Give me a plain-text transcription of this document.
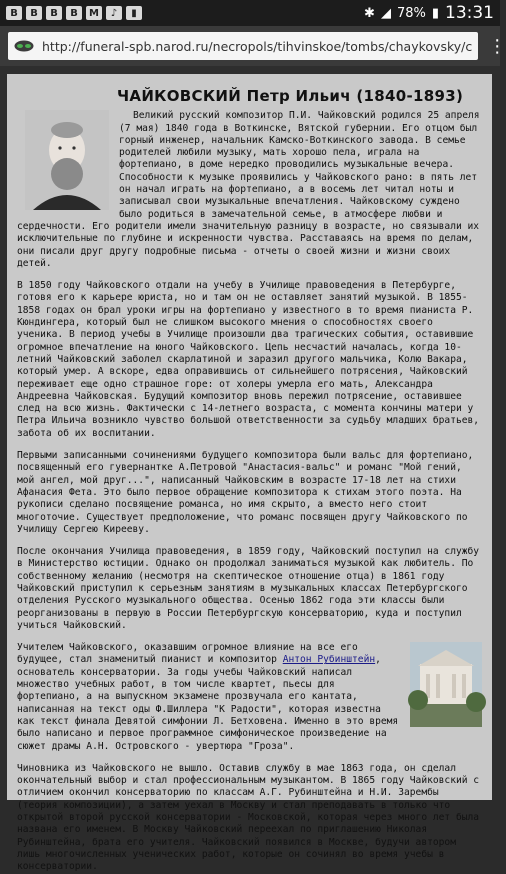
B	В	В	В	M	♪	▮	✱ ◢ 78% ▮ 13:31
http://funeral-spb.narod.ru/necropols/tihvinskoe/tombs/chaykovsky/c ⋮
ЧАЙКОВСКИЙ Петр Ильич (1840-1893)

Великий русский композитор П.И. Чайковский родился 25 апреля (7 мая) 1840 года в Воткинске, Вятской губернии. Его отцом был горный инженер, начальник Камско-Воткинского завода. В семье родителей любили музыку, мать хорошо пела, играла на фортепиано, в доме нередко проводились музыкальные вечера. Способности к музыке проявились у Чайковского рано: в пять лет он начал играть на фортепиано, а в восемь лет читал ноты и записывал свои музыкальные впечатления. Чайковскому суждено было родиться в замечательной семье, в атмосфере любви и сердечности. Его родители имели значительную разницу в возрасте, но связывали их исключительные по глубине и искренности чувства. Расставаясь на время по делам, они писали друг другу подробные письма - отчеты о своей жизни и жизни своих детей.

В 1850 году Чайковского отдали на учебу в Училище правоведения в Петербурге, готовя его к карьере юриста, но и там он не оставляет занятий музыкой. В 1855-1858 годах он брал уроки игры на фортепиано у известного в то время пианиста Р. Кюндингера, который был не слишком высокого мнения о способностях своего ученика. В период учебы в Училище произошли два трагических события, оставившие огромное впечатление на юного Чайковского. Цепь несчастий началась, когда 10-летний Чайковский заболел скарлатиной и заразил другого мальчика, Колю Вакара, который умер. А вскоре, едва оправившись от сильнейшего потрясения, Чайковский переживает еще одно страшное горе: от холеры умерла его мать, Александра Андреевна Чайковская. Будущий композитор вновь пережил потрясение, оставившее след на всю жизнь. Фактически с 14-летнего возраста, с момента кончины матери у Петра Ильича возникло чувство большой ответственности за судьбу младших братьев, забота об их воспитании.

Первыми записанными сочинениями будущего композитора были вальс для фортепиано, посвященный его гувернантке А.Петровой "Анастасия-вальс" и романс "Мой гений, мой ангел, мой друг...", написанный Чайковским в возрасте 17-18 лет на стихи Афанасия Фета. Это было первое обращение композитора к стихам этого поэта. На рукописи сделано посвящение романса, но имя скрыто, а вместо него стоит многоточие. Существует предположение, что романс посвящен другу Чайковского по Училищу Сергею Кирееву.

После окончания Училища правоведения, в 1859 году, Чайковский поступил на службу в Министерство юстиции. Однако он продолжал заниматься музыкой как любитель. По собственному желанию (несмотря на скептическое отношение отца) в 1861 году Чайковский приступил к серьезным занятиям в музыкальных классах Петербургского отделения Русского музыкального общества. Осенью 1862 года эти классы были реорганизованы в первую в России Петербургскую консерваторию, куда и поступил учиться Чайковский.

Учителем Чайковского, оказавшим огромное влияние на все его будущее, стал знаменитый пианист и композитор Антон Рубинштейн, основатель консерватории. За годы учебы Чайковский написал множество учебных работ, в том числе квартет, пьесы для фортепиано, а на выпускном экзамене прозвучала его кантата, написанная на текст оды Ф.Шиллера "К Радости", которая известна как текст финала Девятой симфонии Л. Бетховена. Именно в это время было написано и первое программное симфоническое произведение на сюжет драмы А.Н. Островского - увертюра "Гроза".

Чиновника из Чайковского не вышло. Оставив службу в мае 1863 года, он сделал окончательный выбор и стал профессиональным музыкантом. В 1865 году Чайковский с отличием окончил консерваторию по классам А.Г. Рубинштейна и Н.И. Зарембы (теория композиции), а затем уехал в Москву и стал преподавать в только что открытой второй русской консерватории - Московской, которая через много лет была названа его именем. В Москву Чайковский переехал по приглашению Николая Рубинштейна, брата его учителя. Чайковский появился в Москве, будучи автором лишь многочисленных ученических работ, которые он сочинял во время учебы в консерватории.
